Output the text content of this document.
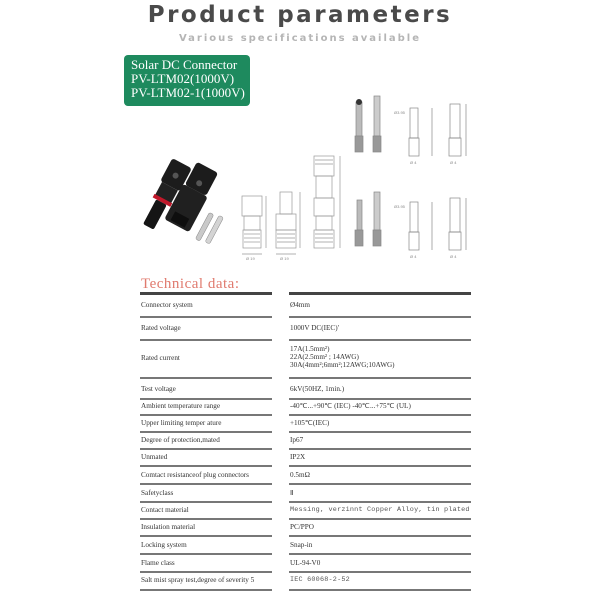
Product parameters
Various specifications available
Solar DC Connector
PV-LTM02(1000V)
PV-LTM02-1(1000V)
Ø 19	Ø 19
Ø3.95
Ø 4	Ø 4
Ø3.95
Ø 4	Ø 4
Technical data:
Connector system	Ø4mm
Rated voltage	1000V DC(IEC)'
Rated current
17A(1.5mm²)
22A(2.5mm² ; 14AWG)
30A(4mm²;6mm²;12AWG;10AWG)
Test voltage	6kV(50HZ, 1min.)
Ambient temperature range	-40℃...+90℃ (IEC) -40℃...+75℃ (UL)
Upper limiting temper ature	+105℃(IEC)
Degree of protection,mated	Ip67
Unmated	IP2X
Comtact resistanceof plug connectors	0.5mΩ
Safetyclass	Ⅱ
Contact material	Messing, verzinnt Copper Alloy, tin plated
Insulation material	PC/PPO
Locking system	Snap-in
Flame class	UL-94-V0
Salt mist spray test,degree of severity 5	IEC 60068-2-52
